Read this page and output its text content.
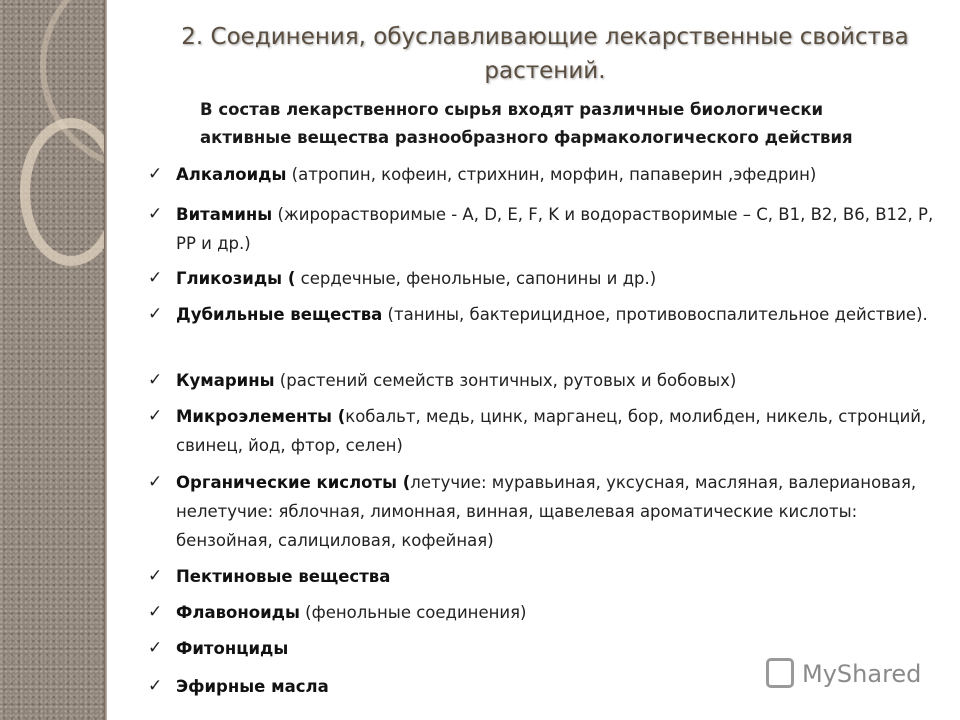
2. Соединения, обуславливающие лекарственные свойства растений.
В состав лекарственного сырья входят различные биологически
активные вещества разнообразного фармакологического действия
✓ Алкалоиды (атропин, кофеин, стрихнин, морфин, папаверин ,эфедрин)
✓ Витамины (жирорастворимые - A, D, E, F, K и водорастворимые – С, В1, В2, В6, В12, P, PP и др.)
✓ Гликозиды ( сердечные, фенольные, сапонины и др.)
✓ Дубильные вещества (танины, бактерицидное, противовоспалительное действие).
✓ Кумарины (растений семейств зонтичных, рутовых и бобовых)
✓ Микроэлементы (кобальт, медь, цинк, марганец, бор, молибден, никель, стронций, свинец, йод, фтор, селен)
✓ Органические кислоты (летучие: муравьиная, уксусная, масляная, валериановая, нелетучие: яблочная, лимонная, винная, щавелевая ароматические кислоты: бензойная, салициловая, кофейная)
✓ Пектиновые вещества
✓ Флавоноиды (фенольные соединения)
✓ Фитонциды
✓ Эфирные масла	MyShared
